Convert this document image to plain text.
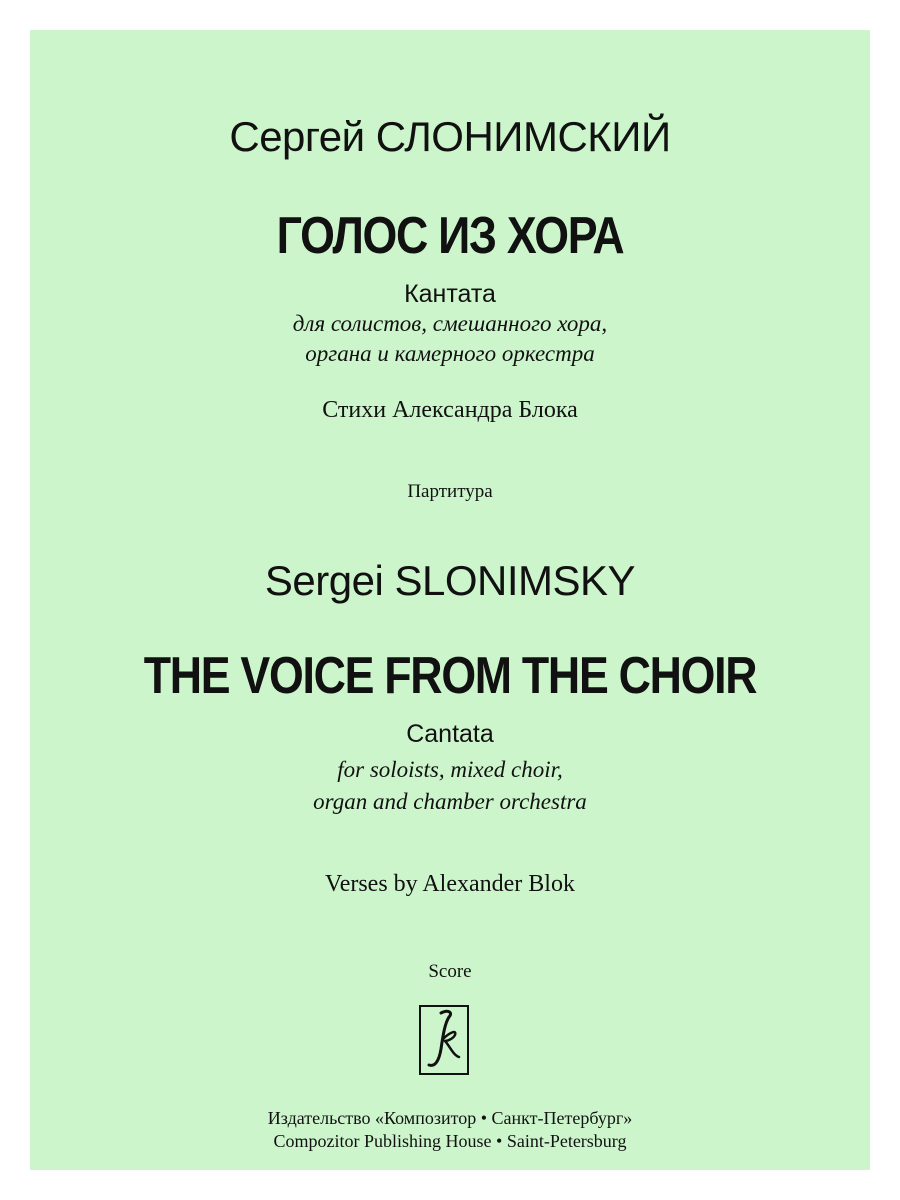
Сергей СЛОНИМСКИЙ
ГОЛОС ИЗ ХОРА
Кантата
для солистов, смешанного хора,
органа и камерного оркестра
Стихи Александра Блока
Партитура
Sergei SLONIMSKY
THE VOICE FROM THE CHOIR
Cantata
for soloists, mixed choir,
organ and chamber orchestra
Verses by Alexander Blok
Score
Издательство «Композитор • Санкт-Петербург»
Compozitor Publishing House • Saint-Petersburg
